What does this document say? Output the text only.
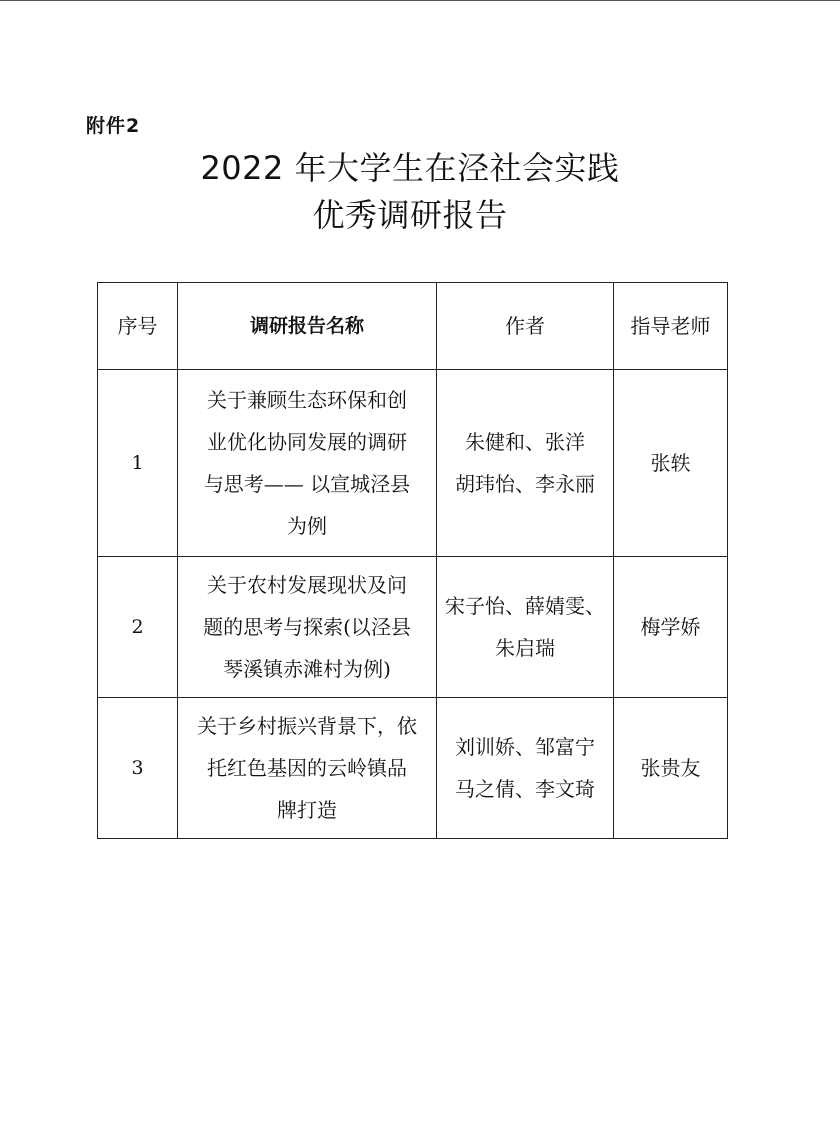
附件2
2022 年大学生在泾社会实践
优秀调研报告
序号	调研报告名称	作者	指导老师
1	关于兼顾生态环保和创
业优化协同发展的调研
与思考—— 以宣城泾县
为例	朱健和、张洋
胡玮怡、李永丽	张轶
2	关于农村发展现状及问
题的思考与探索(以泾县
琴溪镇赤滩村为例)	宋子怡、薛婧雯、
朱启瑞	梅学娇
3	关于乡村振兴背景下，依
托红色基因的云岭镇品
牌打造	刘训娇、邹富宁
马之倩、李文琦	张贵友
